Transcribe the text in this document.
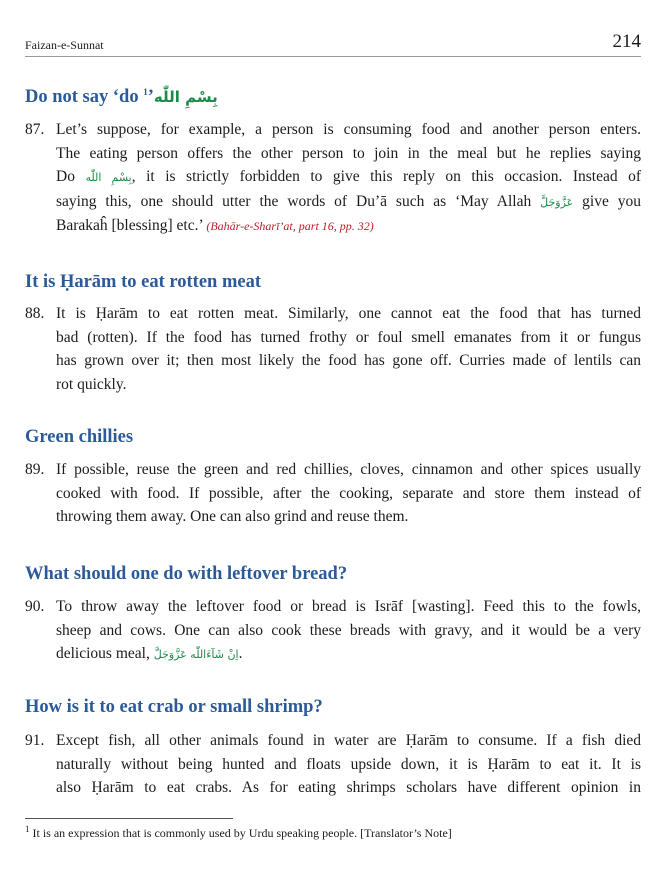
Faizan-e-Sunnat	214
Do not say ‘do بِسْمِ اللّٰه’$^1$
87. Let’s suppose, for example, a person is consuming food and another person enters.
The eating person offers the other person to join in the meal but he replies saying
Do بِسْمِ اللّٰه, it is strictly forbidden to give this reply on this occasion. Instead of
saying this, one should utter the words of Du’ā such as ‘May Allah عَزَّوَجَلَّ give you
Barakaĥ [blessing] etc.’ (Bahār-e-Sharī’at, part 16, pp. 32)
It is Ḥarām to eat rotten meat
88. It is Ḥarām to eat rotten meat. Similarly, one cannot eat the food that has turned
bad (rotten). If the food has turned frothy or foul smell emanates from it or fungus
has grown over it; then most likely the food has gone off. Curries made of lentils can
rot quickly.
Green chillies
89. If possible, reuse the green and red chillies, cloves, cinnamon and other spices usually
cooked with food. If possible, after the cooking, separate and store them instead of
throwing them away. One can also grind and reuse them.
What should one do with leftover bread?
90. To throw away the leftover food or bread is Isrāf [wasting]. Feed this to the fowls,
sheep and cows. One can also cook these breads with gravy, and it would be a very
delicious meal, اِنْ شَآءَاللّٰه عَزَّوَجَلَّ.
How is it to eat crab or small shrimp?
91. Except fish, all other animals found in water are Ḥarām to consume. If a fish died
naturally without being hunted and floats upside down, it is Ḥarām to eat it. It is
also Ḥarām to eat crabs. As for eating shrimps scholars have different opinion in
$^1$ It is an expression that is commonly used by Urdu speaking people. [Translator’s Note]
